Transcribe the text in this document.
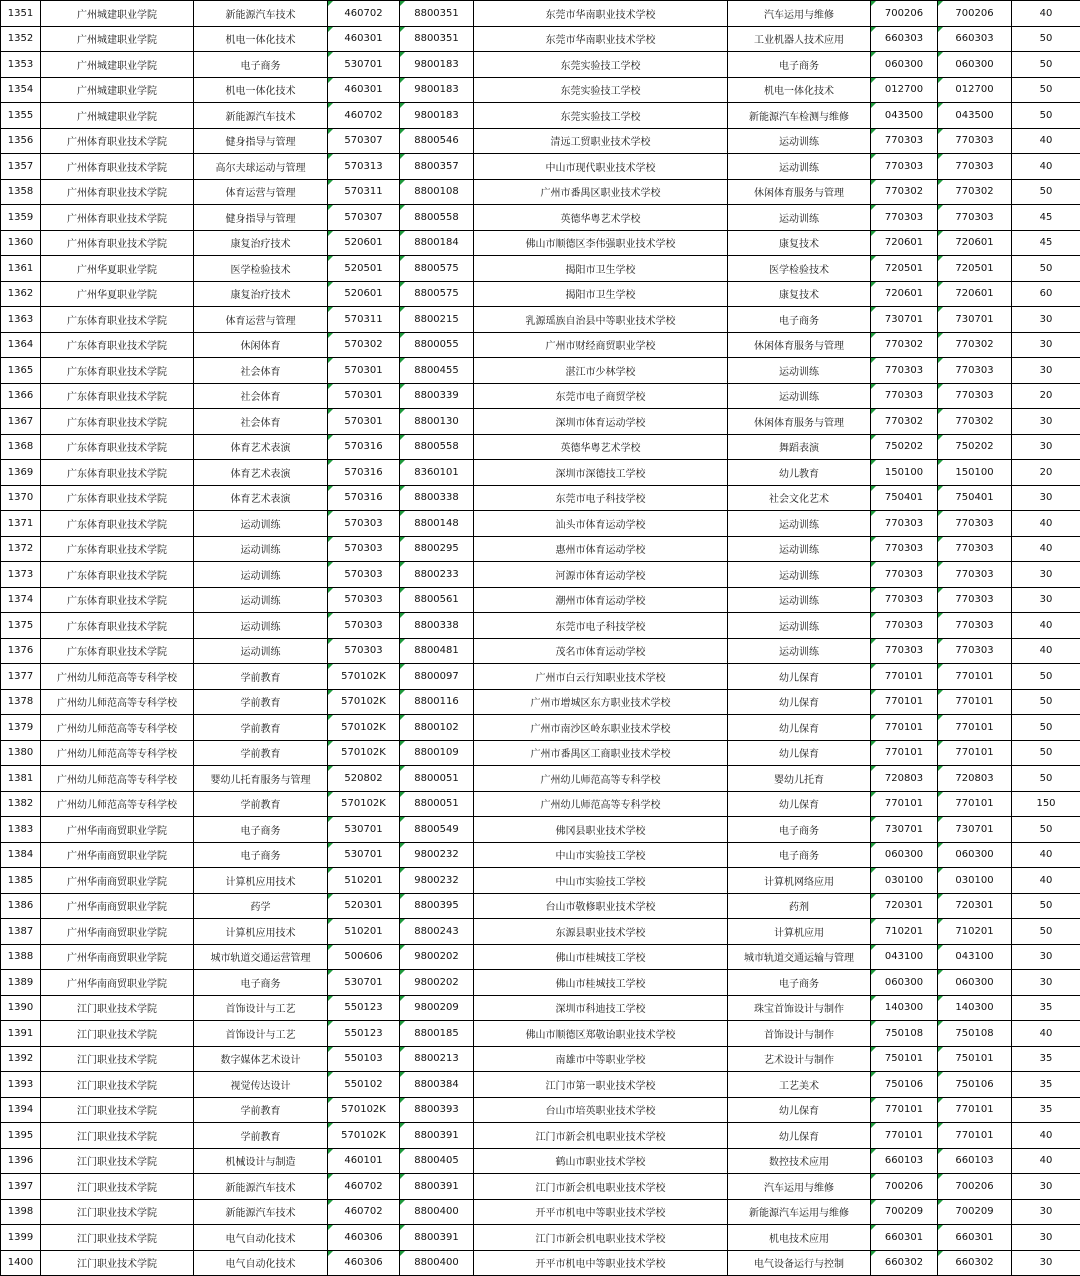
1351	广州城建职业学院	新能源汽车技术	460702	8800351	东莞市华南职业技术学校	汽车运用与维修	700206	700206	40
1352	广州城建职业学院	机电一体化技术	460301	8800351	东莞市华南职业技术学校	工业机器人技术应用	660303	660303	50
1353	广州城建职业学院	电子商务	530701	9800183	东莞实验技工学校	电子商务	060300	060300	50
1354	广州城建职业学院	机电一体化技术	460301	9800183	东莞实验技工学校	机电一体化技术	012700	012700	50
1355	广州城建职业学院	新能源汽车技术	460702	9800183	东莞实验技工学校	新能源汽车检测与维修	043500	043500	50
1356	广州体育职业技术学院	健身指导与管理	570307	8800546	清远工贸职业技术学校	运动训练	770303	770303	40
1357	广州体育职业技术学院	高尔夫球运动与管理	570313	8800357	中山市现代职业技术学校	运动训练	770303	770303	40
1358	广州体育职业技术学院	体育运营与管理	570311	8800108	广州市番禺区职业技术学校	休闲体育服务与管理	770302	770302	50
1359	广州体育职业技术学院	健身指导与管理	570307	8800558	英德华粤艺术学校	运动训练	770303	770303	45
1360	广州体育职业技术学院	康复治疗技术	520601	8800184	佛山市顺德区李伟强职业技术学校	康复技术	720601	720601	45
1361	广州华夏职业学院	医学检验技术	520501	8800575	揭阳市卫生学校	医学检验技术	720501	720501	50
1362	广州华夏职业学院	康复治疗技术	520601	8800575	揭阳市卫生学校	康复技术	720601	720601	60
1363	广东体育职业技术学院	体育运营与管理	570311	8800215	乳源瑶族自治县中等职业技术学校	电子商务	730701	730701	30
1364	广东体育职业技术学院	休闲体育	570302	8800055	广州市财经商贸职业学校	休闲体育服务与管理	770302	770302	30
1365	广东体育职业技术学院	社会体育	570301	8800455	湛江市少林学校	运动训练	770303	770303	30
1366	广东体育职业技术学院	社会体育	570301	8800339	东莞市电子商贸学校	运动训练	770303	770303	20
1367	广东体育职业技术学院	社会体育	570301	8800130	深圳市体育运动学校	休闲体育服务与管理	770302	770302	30
1368	广东体育职业技术学院	体育艺术表演	570316	8800558	英德华粤艺术学校	舞蹈表演	750202	750202	30
1369	广东体育职业技术学院	体育艺术表演	570316	8360101	深圳市深德技工学校	幼儿教育	150100	150100	20
1370	广东体育职业技术学院	体育艺术表演	570316	8800338	东莞市电子科技学校	社会文化艺术	750401	750401	30
1371	广东体育职业技术学院	运动训练	570303	8800148	汕头市体育运动学校	运动训练	770303	770303	40
1372	广东体育职业技术学院	运动训练	570303	8800295	惠州市体育运动学校	运动训练	770303	770303	40
1373	广东体育职业技术学院	运动训练	570303	8800233	河源市体育运动学校	运动训练	770303	770303	30
1374	广东体育职业技术学院	运动训练	570303	8800561	潮州市体育运动学校	运动训练	770303	770303	30
1375	广东体育职业技术学院	运动训练	570303	8800338	东莞市电子科技学校	运动训练	770303	770303	40
1376	广东体育职业技术学院	运动训练	570303	8800481	茂名市体育运动学校	运动训练	770303	770303	40
1377	广州幼儿师范高等专科学校	学前教育	570102K	8800097	广州市白云行知职业技术学校	幼儿保育	770101	770101	50
1378	广州幼儿师范高等专科学校	学前教育	570102K	8800116	广州市增城区东方职业技术学校	幼儿保育	770101	770101	50
1379	广州幼儿师范高等专科学校	学前教育	570102K	8800102	广州市南沙区岭东职业技术学校	幼儿保育	770101	770101	50
1380	广州幼儿师范高等专科学校	学前教育	570102K	8800109	广州市番禺区工商职业技术学校	幼儿保育	770101	770101	50
1381	广州幼儿师范高等专科学校	婴幼儿托育服务与管理	520802	8800051	广州幼儿师范高等专科学校	婴幼儿托育	720803	720803	50
1382	广州幼儿师范高等专科学校	学前教育	570102K	8800051	广州幼儿师范高等专科学校	幼儿保育	770101	770101	150
1383	广州华南商贸职业学院	电子商务	530701	8800549	佛冈县职业技术学校	电子商务	730701	730701	50
1384	广州华南商贸职业学院	电子商务	530701	9800232	中山市实验技工学校	电子商务	060300	060300	40
1385	广州华南商贸职业学院	计算机应用技术	510201	9800232	中山市实验技工学校	计算机网络应用	030100	030100	40
1386	广州华南商贸职业学院	药学	520301	8800395	台山市敬修职业技术学校	药剂	720301	720301	50
1387	广州华南商贸职业学院	计算机应用技术	510201	8800243	东源县职业技术学校	计算机应用	710201	710201	50
1388	广州华南商贸职业学院	城市轨道交通运营管理	500606	9800202	佛山市桂城技工学校	城市轨道交通运输与管理	043100	043100	30
1389	广州华南商贸职业学院	电子商务	530701	9800202	佛山市桂城技工学校	电子商务	060300	060300	30
1390	江门职业技术学院	首饰设计与工艺	550123	9800209	深圳市科迪技工学校	珠宝首饰设计与制作	140300	140300	35
1391	江门职业技术学院	首饰设计与工艺	550123	8800185	佛山市顺德区郑敬诒职业技术学校	首饰设计与制作	750108	750108	40
1392	江门职业技术学院	数字媒体艺术设计	550103	8800213	南雄市中等职业学校	艺术设计与制作	750101	750101	35
1393	江门职业技术学院	视觉传达设计	550102	8800384	江门市第一职业技术学校	工艺美术	750106	750106	35
1394	江门职业技术学院	学前教育	570102K	8800393	台山市培英职业技术学校	幼儿保育	770101	770101	35
1395	江门职业技术学院	学前教育	570102K	8800391	江门市新会机电职业技术学校	幼儿保育	770101	770101	40
1396	江门职业技术学院	机械设计与制造	460101	8800405	鹤山市职业技术学校	数控技术应用	660103	660103	40
1397	江门职业技术学院	新能源汽车技术	460702	8800391	江门市新会机电职业技术学校	汽车运用与维修	700206	700206	30
1398	江门职业技术学院	新能源汽车技术	460702	8800400	开平市机电中等职业技术学校	新能源汽车运用与维修	700209	700209	30
1399	江门职业技术学院	电气自动化技术	460306	8800391	江门市新会机电职业技术学校	机电技术应用	660301	660301	30
1400	江门职业技术学院	电气自动化技术	460306	8800400	开平市机电中等职业技术学校	电气设备运行与控制	660302	660302	30
